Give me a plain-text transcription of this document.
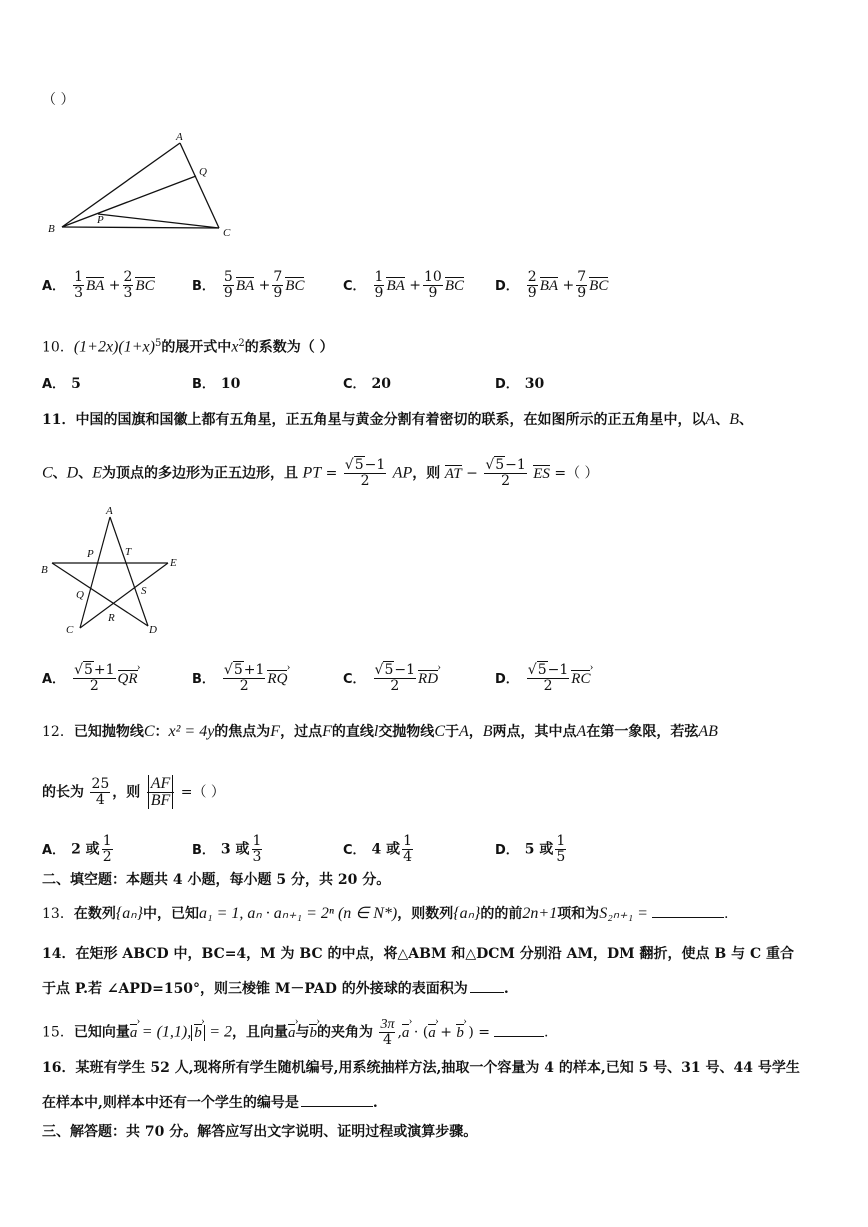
（ ）
A
B	C
P
Q
A． $\frac{1}{3}$ BA + $\frac{2}{3}$ BC	B． $\frac{5}{9}$ BA + $\frac{7}{9}$ BC	C． $\frac{1}{9}$ BA + $\frac{10}{9}$ BC D． $\frac{2}{9}$ BA + $\frac{7}{9}$ BC
10．$(1+2x)(1+x)^5$的展开式中$x^2$的系数为（ ）
A． 5	B． 10	C． 20	D． 30
11．中国的国旗和国徽上都有五角星，正五角星与黄金分割有着密切的联系，在如图所示的正五角星中，以A、B、
C、D、E为顶点的多边形为正五边形，且 PT = $\frac{√5-1}{2}$ AP，则 AT − $\frac{√5-1}{2}$ ES =（ ）
A
P	T
B
E
Q	S
R
C	D
A． $\frac{√5+1}{2}$ QR ›	B． $\frac{√5+1}{2}$ RQ ›	C． $\frac{√5-1}{2}$ RD ›	D． $\frac{√5-1}{2}$ RC ›
12．已知抛物线C：x² = 4y的焦点为F，过点F的直线l交抛物线C于A，B两点，其中点A在第一象限，若弦AB
的长为 $\frac{25}{4}$ ，则 $\frac{AF}{BF}$ =（ ）
A． 2 或 $\frac{1}{2}$	B． 3 或 $\frac{1}{3}$	C． 4 或 $\frac{1}{4}$	D． 5 或 $\frac{1}{5}$
二、填空题：本题共 4 小题，每小题 5 分，共 20 分。
13．在数列{aₙ}中，已知a₁ = 1, aₙ · aₙ₊₁ = 2ⁿ (n ∈ N*)，则数列{aₙ}的的前2n+1项和为S₂ₙ₊₁ =	.
14．在矩形 ABCD 中，BC=4，M 为 BC 的中点，将△ABM 和△DCM 分别沿 AM，DM 翻折，使点 B 与 C 重合
于点 P.若 ∠APD=150°，则三棱锥 M－PAD 的外接球的表面积为	.
15．已知向量a › = (1,1), b › = 2，且向量a ›与b ›的夹角为 $\frac{3\pi}{4} ,a$ › · (a › + b › ) =	.
16．某班有学生 52 人,现将所有学生随机编号,用系统抽样方法,抽取一个容量为 4 的样本,已知 5 号、31 号、44 号学生
在样本中,则样本中还有一个学生的编号是	.
三、解答题：共 70 分。解答应写出文字说明、证明过程或演算步骤。
